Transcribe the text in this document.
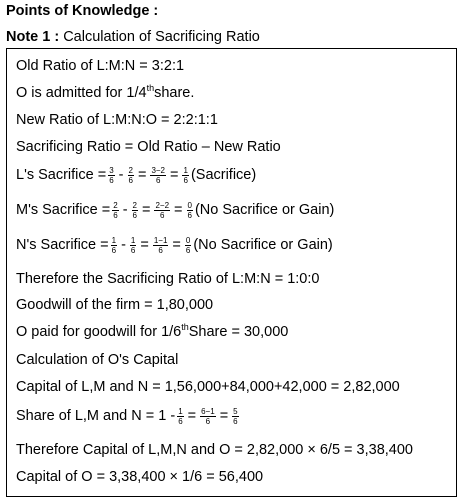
Points of Knowledge :
Note 1 : Calculation of Sacrificing Ratio
Old Ratio of L:M:N = 3:2:1
O is admitted for 1/4th share.
New Ratio of L:M:N:O = 2:2:1:1
Sacrificing Ratio = Old Ratio – New Ratio
L's Sacrifice = $\frac{3}{6} - \frac{2}{6} = \frac{3-2}{6} = \frac{1}{6}$ (Sacrifice)
M's Sacrifice = $\frac{2}{6} - \frac{2}{6} = \frac{2-2}{6} = \frac{0}{6} (No$ Sacrifice or Gain)
N's Sacrifice = $\frac{1}{6} - \frac{1}{6} = \frac{1-1}{6} = \frac{0}{6} (No$ Sacrifice or Gain)
Therefore the Sacrificing Ratio of L:M:N = 1:0:0
Goodwill of the firm = 1,80,000
O paid for goodwill for 1/6th Share = 30,000
Calculation of O's Capital
Capital of L,M and N = 1,56,000+84,000+42,000 = 2,82,000
Share of L,M and $N = 1 - \frac{1}{6} = \frac{6-1}{6} = \frac{5}{6}$
Therefore Capital of L,M,N and O = 2,82,000 × 6/5 = 3,38,400
Capital of O = 3,38,400 × 1/6 = 56,400
